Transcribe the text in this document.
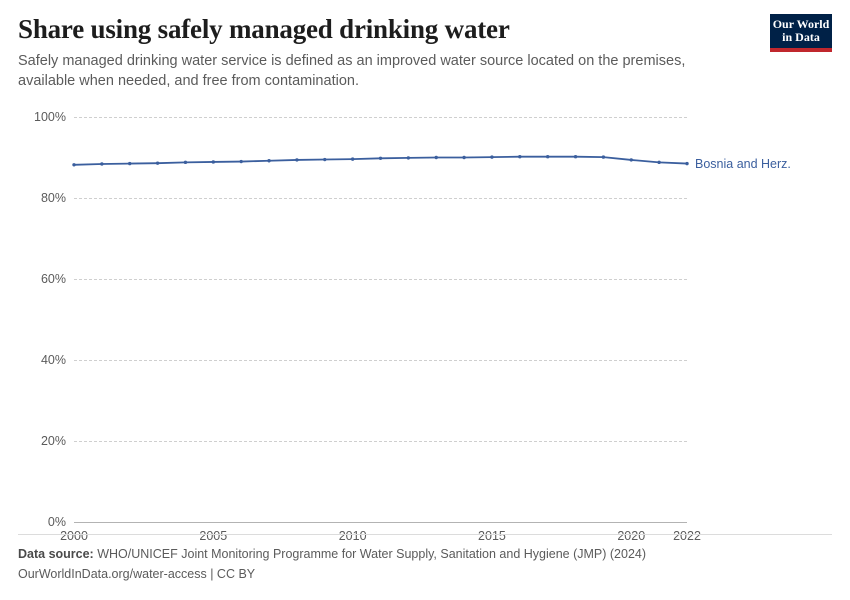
Share using safely managed drinking water

Safely managed drinking water service is defined as an improved water source located on the premises, available when needed, and free from contamination.

Our World
in Data
0%
20%
40%
60%
80%
100%
2000	2005	2010	2015	2020 2022
Bosnia and Herz.
Data source: WHO/UNICEF Joint Monitoring Programme for Water Supply, Sanitation and Hygiene (JMP) (2024)
OurWorldInData.org/water-access | CC BY
